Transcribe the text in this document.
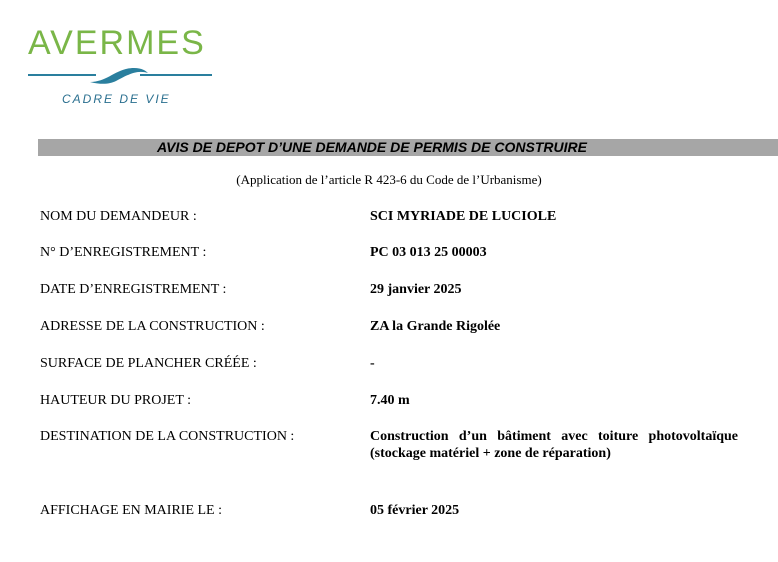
AVERMES
CADRE DE VIE
AVIS DE DEPOT D’UNE DEMANDE DE PERMIS DE CONSTRUIRE
(Application de l’article R 423-6 du Code de l’Urbanisme)
NOM DU DEMANDEUR :	SCI MYRIADE DE LUCIOLE
N° D’ENREGISTREMENT :	PC 03 013 25 00003
DATE D’ENREGISTREMENT :	29 janvier 2025
ADRESSE DE LA CONSTRUCTION :	ZA la Grande Rigolée
SURFACE DE PLANCHER CRÉÉE :	-
HAUTEUR DU PROJET :	7.40 m
DESTINATION DE LA CONSTRUCTION :	Construction d’un bâtiment avec toiture photovoltaïque (stockage matériel + zone de réparation)
AFFICHAGE EN MAIRIE LE :	05 février 2025
